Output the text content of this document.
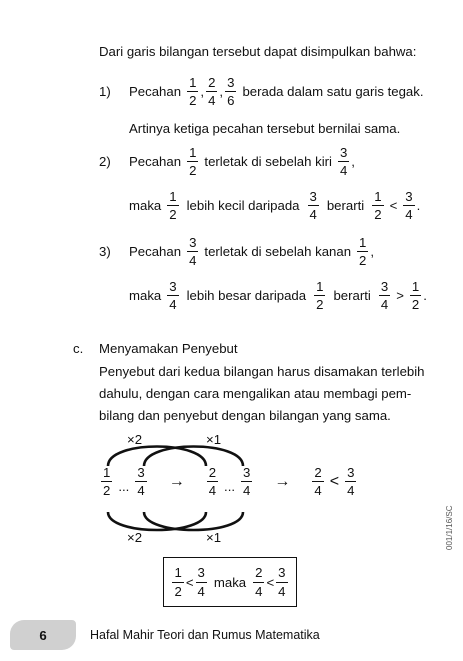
Dari garis bilangan tersebut dapat disimpulkan bahwa:
1)	Pecahan $\frac{1}{2}$ , $\frac{2}{4}$ , $\frac{3}{6}$ berada dalam satu garis tegak.
Artinya ketiga pecahan tersebut bernilai sama.
2)	Pecahan $\frac{1}{2}$ terletak di sebelah kiri $\frac{3}{4}$ ,
maka $\frac{1}{2}$ lebih kecil daripada $\frac{3}{4}$ berarti $\frac{1}{2} < \frac{3}{4}$ .
3)	Pecahan $\frac{3}{4}$ terletak di sebelah kanan $\frac{1}{2}$ ,
maka $\frac{3}{4}$ lebih besar daripada $\frac{1}{2}$ berarti $\frac{3}{4} > \frac{1}{2}$ .
c. Menyamakan Penyebut
Penyebut dari kedua bilangan harus disamakan terlebih
dahulu, dengan cara mengalikan atau membagi pem-
bilang dan penyebut dengan bilangan yang sama.
×2	×1
×2	×1
$\frac{1}{2}$ ... $\frac{3}{4} \to \frac{2}{4}$ ... $\frac{3}{4} \to \frac{2}{4} < \frac{3}{4}$
$\frac{1}{2} < \frac{3}{4}$ maka $\frac{2}{4} < \frac{3}{4}$
6	Hafal Mahir Teori dan Rumus Matematika
001/1/16/SC
